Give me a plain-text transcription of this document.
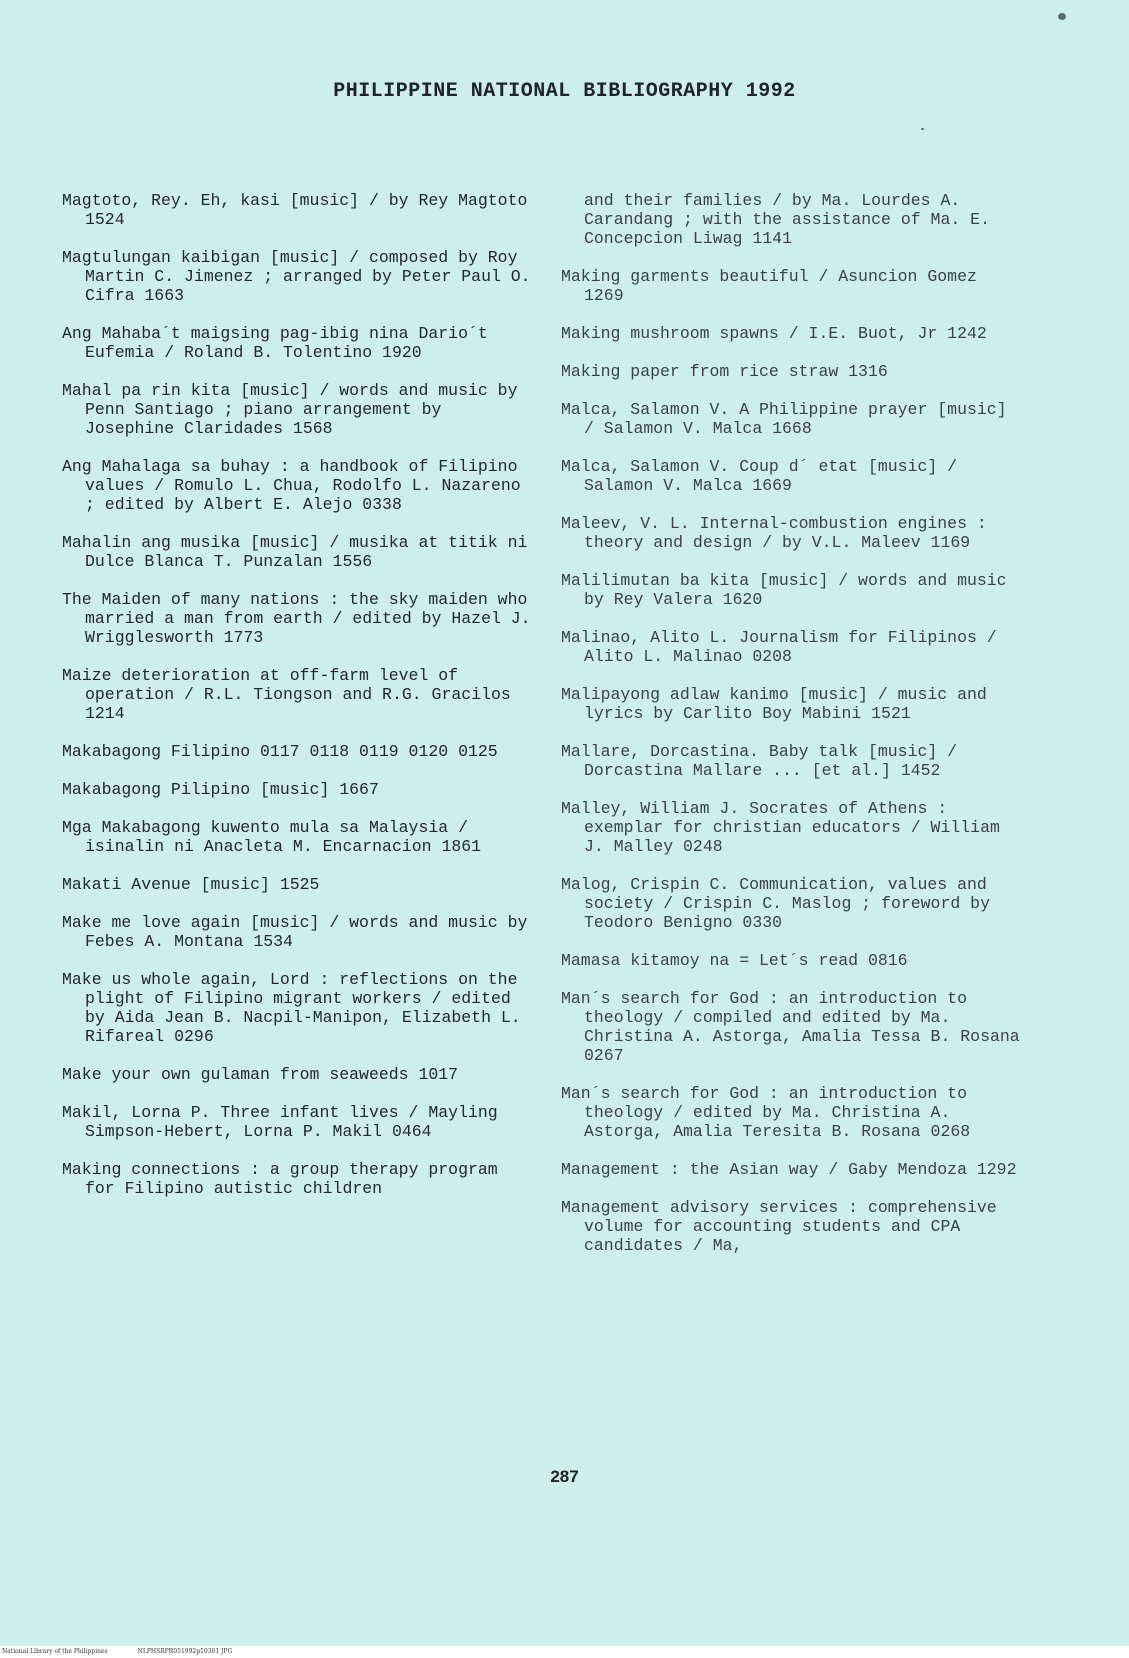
PHILIPPINE NATIONAL BIBLIOGRAPHY 1992

Magtoto, Rey. Eh, kasi [music] / by Rey Magtoto 1524

Magtulungan kaibigan [music] / composed by Roy Martin C. Jimenez ; arranged by Peter Paul O. Cifra 1663

Ang Mahaba´t maigsing pag-ibig nina Dario´t Eufemia / Roland B. Tolentino 1920

Mahal pa rin kita [music] / words and music by Penn Santiago ; piano arrangement by Josephine Claridades 1568

Ang Mahalaga sa buhay : a handbook of Filipino values / Romulo L. Chua, Rodolfo L. Nazareno ; edited by Albert E. Alejo 0338

Mahalin ang musika [music] / musika at titik ni Dulce Blanca T. Punzalan 1556

The Maiden of many nations : the sky maiden who married a man from earth / edited by Hazel J. Wrigglesworth 1773

Maize deterioration at off-farm level of operation / R.L. Tiongson and R.G. Gracilos 1214

Makabagong Filipino 0117 0118 0119 0120 0125

Makabagong Pilipino [music] 1667

Mga Makabagong kuwento mula sa Malaysia / isinalin ni Anacleta M. Encarnacion 1861

Makati Avenue [music] 1525

Make me love again [music] / words and music by Febes A. Montana 1534

Make us whole again, Lord : reflections on the plight of Filipino migrant workers / edited by Aida Jean B. Nacpil-Manipon, Elizabeth L. Rifareal 0296

Make your own gulaman from seaweeds 1017

Makil, Lorna P. Three infant lives / Mayling Simpson-Hebert, Lorna P. Makil 0464

Making connections : a group therapy program for Filipino autistic children

and their families / by Ma. Lourdes A. Carandang ; with the assistance of Ma. E. Concepcion Liwag 1141

Making garments beautiful / Asuncion Gomez 1269

Making mushroom spawns / I.E. Buot, Jr 1242

Making paper from rice straw 1316

Malca, Salamon V. A Philippine prayer [music] / Salamon V. Malca 1668

Malca, Salamon V. Coup d´ etat [music] / Salamon V. Malca 1669

Maleev, V. L. Internal-combustion engines : theory and design / by V.L. Maleev 1169

Malilimutan ba kita [music] / words and music by Rey Valera 1620

Malinao, Alito L. Journalism for Filipinos / Alito L. Malinao 0208

Malipayong adlaw kanimo [music] / music and lyrics by Carlito Boy Mabini 1521

Mallare, Dorcastina. Baby talk [music] / Dorcastina Mallare ... [et al.] 1452

Malley, William J. Socrates of Athens : exemplar for christian educators / William J. Malley 0248

Malog, Crispin C. Communication, values and society / Crispin C. Maslog ; foreword by Teodoro Benigno 0330

Mamasa kitamoy na = Let´s read 0816

Man´s search for God : an introduction to theology / compiled and edited by Ma. Christina A. Astorga, Amalia Tessa B. Rosana 0267

Man´s search for God : an introduction to theology / edited by Ma. Christina A. Astorga, Amalia Teresita B. Rosana 0268

Management : the Asian way / Gaby Mendoza 1292

Management advisory services : comprehensive volume for accounting students and CPA candidates / Ma,

287
National Library of the Philippines	NLPHSRPR051992p10301 JPG
